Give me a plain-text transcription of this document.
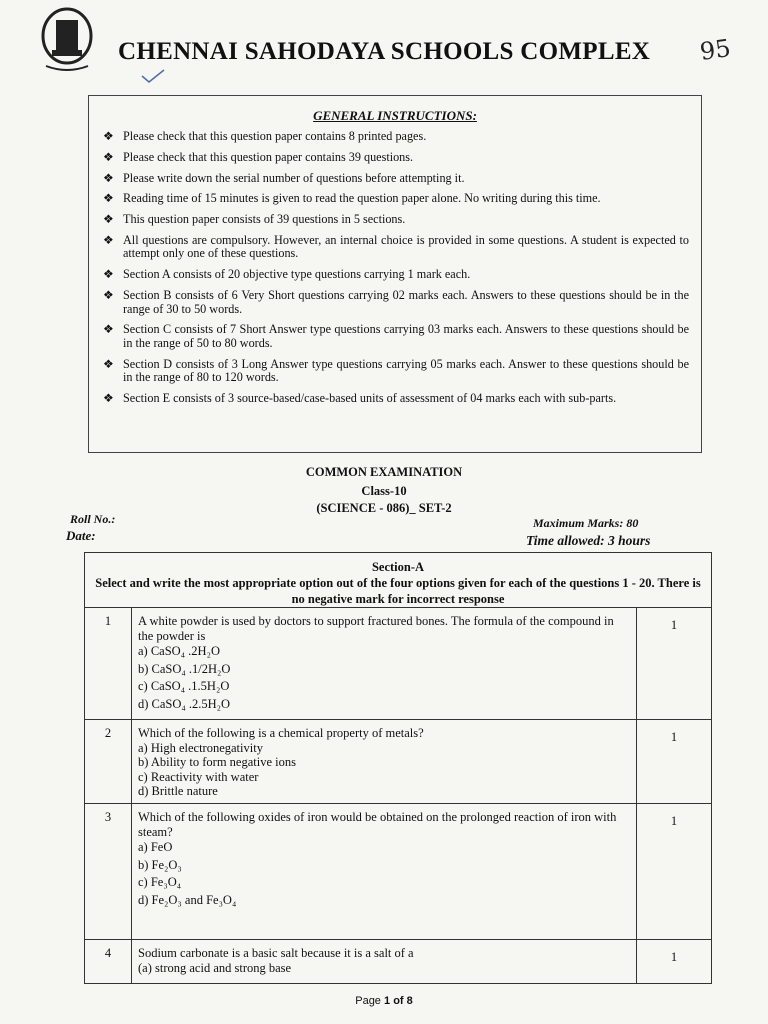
CHENNAI SAHODAYA SCHOOLS COMPLEX 95
GENERAL INSTRUCTIONS:
❖ Please check that this question paper contains 8 printed pages.
❖ Please check that this question paper contains 39 questions.
❖ Please write down the serial number of questions before attempting it.
❖ Reading time of 15 minutes is given to read the question paper alone. No writing during this time.
❖ This question paper consists of 39 questions in 5 sections.
❖ All questions are compulsory. However, an internal choice is provided in some questions. A student is expected to attempt only one of these questions.
❖ Section A consists of 20 objective type questions carrying 1 mark each.
❖ Section B consists of 6 Very Short questions carrying 02 marks each. Answers to these questions should be in the range of 30 to 50 words.
❖ Section C consists of 7 Short Answer type questions carrying 03 marks each. Answers to these questions should be in the range of 50 to 80 words.
❖ Section D consists of 3 Long Answer type questions carrying 05 marks each. Answer to these questions should be in the range of 80 to 120 words.
❖ Section E consists of 3 source-based/case-based units of assessment of 04 marks each with sub-parts.
COMMON EXAMINATION
Class-10
(SCIENCE - 086)_ SET-2
Roll No.:
Date:
Maximum Marks: 80
Time allowed: 3 hours
Section-A
Select and write the most appropriate option out of the four options given for each of the questions 1 - 20. There is no negative mark for incorrect response		

1	A white powder is used by doctors to support fractured bones. The formula of the compound in the powder is
a) CaSO₄ .2H₂O
b) CaSO₄ .1/2H₂O
c) CaSO₄ .1.5H₂O
d) CaSO₄ .2.5H₂O	1
2	Which of the following is a chemical property of metals?
a) High electronegativity
b) Ability to form negative ions
c) Reactivity with water
d) Brittle nature	1
3	Which of the following oxides of iron would be obtained on the prolonged reaction of iron with steam?
a) FeO
b) Fe₂O₃
c) Fe₃O₄
d) Fe₂O₃ and Fe₃O₄	1
4	Sodium carbonate is a basic salt because it is a salt of a
(a) strong acid and strong base	1
Page 1 of 8
